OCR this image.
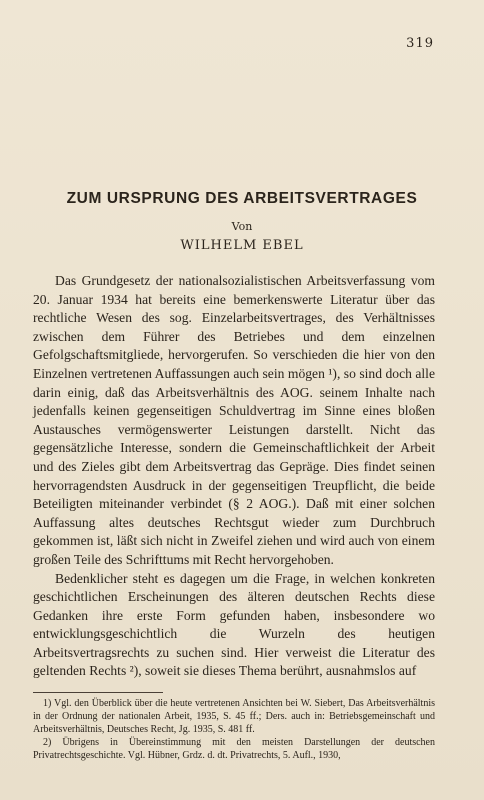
319
ZUM URSPRUNG DES ARBEITSVERTRAGES
Von
WILHELM EBEL

Das Grundgesetz der nationalsozialistischen Arbeitsverfassung vom 20. Januar 1934 hat bereits eine bemerkenswerte Literatur über das rechtliche Wesen des sog. Einzelarbeitsvertrages, des Verhältnisses zwischen dem Führer des Betriebes und dem einzelnen Gefolgschaftsmitgliede, hervorgerufen. So verschieden die hier von den Einzelnen vertretenen Auffassungen auch sein mögen ¹), so sind doch alle darin einig, daß das Arbeitsverhältnis des AOG. seinem Inhalte nach jedenfalls keinen gegenseitigen Schuldvertrag im Sinne eines bloßen Austausches vermögenswerter Leistungen darstellt. Nicht das gegensätzliche Interesse, sondern die Gemeinschaftlichkeit der Arbeit und des Zieles gibt dem Arbeitsvertrag das Gepräge. Dies findet seinen hervorragendsten Ausdruck in der gegenseitigen Treupflicht, die beide Beteiligten miteinander verbindet (§ 2 AOG.). Daß mit einer solchen Auffassung altes deutsches Rechtsgut wieder zum Durchbruch gekommen ist, läßt sich nicht in Zweifel ziehen und wird auch von einem großen Teile des Schrifttums mit Recht hervorgehoben.

Bedenklicher steht es dagegen um die Frage, in welchen konkreten geschichtlichen Erscheinungen des älteren deutschen Rechts diese Gedanken ihre erste Form gefunden haben, insbesondere wo entwicklungsgeschichtlich die Wurzeln des heutigen Arbeitsvertragsrechts zu suchen sind. Hier verweist die Literatur des geltenden Rechts ²), soweit sie dieses Thema berührt, ausnahmslos auf

1) Vgl. den Überblick über die heute vertretenen Ansichten bei W. Siebert, Das Arbeitsverhältnis in der Ordnung der nationalen Arbeit, 1935, S. 45 ff.; Ders. auch in: Betriebsgemeinschaft und Arbeitsverhältnis, Deutsches Recht, Jg. 1935, S. 481 ff.

2) Übrigens in Übereinstimmung mit den meisten Darstellungen der deutschen Privatrechtsgeschichte. Vgl. Hübner, Grdz. d. dt. Privatrechts, 5. Aufl., 1930,
